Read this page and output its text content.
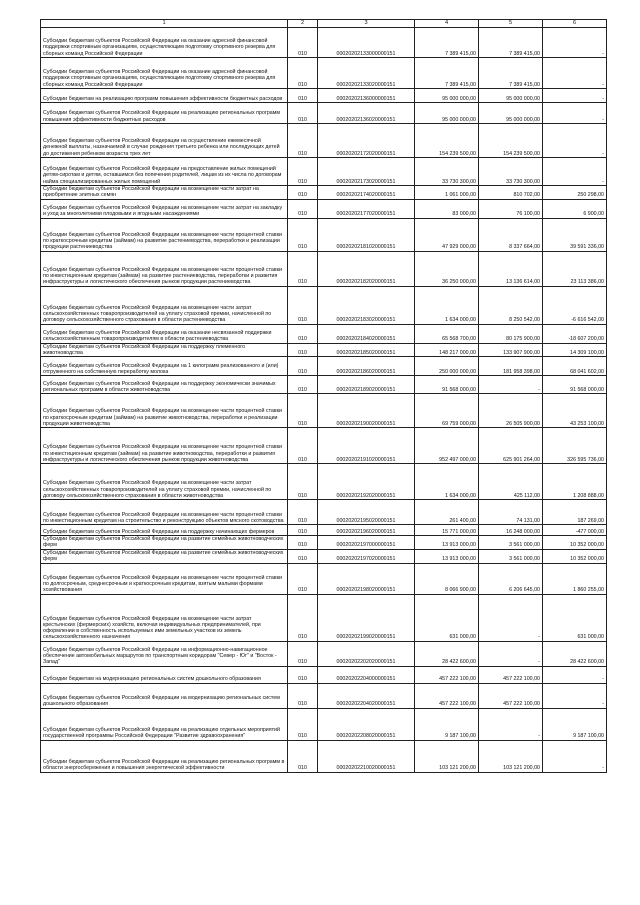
1	2	3	4	5	6
Субсидии бюджетам субъектов Российской Федерации на оказание адресной финансовой поддержки спортивным организациям, осуществляющим подготовку спортивного резерва для сборных команд Российской Федерации	010	00020202133000000151	7 389 415,00	7 389 415,00	-
Субсидии бюджетам субъектов Российской Федерации на оказание адресной финансовой поддержки спортивным организациям, осуществляющим подготовку спортивного резерва для сборных команд Российской Федерации	010	00020202133020000151	7 389 415,00	7 389 415,00	-
Субсидии бюджетам на реализацию программ повышения эффективности бюджетных расходов	010	00020202136000000151	95 000 000,00	95 000 000,00	-
Субсидии бюджетам субъектов Российской Федерации на реализацию региональных программ повышения эффективности бюджетных расходов	010	00020202136020000151	95 000 000,00	95 000 000,00	-
Субсидии бюджетам субъектов Российской Федерации на осуществление ежемесячной денежной выплаты, назначаемой в случае рождения третьего ребенка или последующих детей до достижения ребенком возраста трех лет	010	00020202172020000151	154 239 500,00	154 239 500,00	-
Субсидии бюджетам субъектов Российской Федерации на предоставление жилых помещений детям-сиротам и детям, оставшимся без попечения родителей, лицам из их числа по договорам найма специализированных жилых помещений	010	00020202173020000151	33 730 300,00	33 730 300,00	-
Субсидии бюджетам субъектов Российской Федерации на возмещение части затрат на приобретение элитных семян	010	00020202174020000151	1 061 000,00	810 702,00	250 298,00
Субсидии бюджетам субъектов Российской Федерации на возмещение части затрат на закладку и уход за многолетними плодовыми и ягодными насаждениями	010	00020202177020000151	83 000,00	76 100,00	6 900,00
Субсидии бюджетам субъектов Российской Федерации на возмещение части процентной ставки по краткосрочным кредитам (займам) на развитие растениеводства, переработки и реализации продукции растениеводства	010	00020202181020000151	47 929 000,00	8 337 664,00	39 591 336,00
Субсидии бюджетам субъектов Российской Федерации на возмещение части процентной ставки по инвестиционным кредитам (займам) на развитие растениеводства, переработки и развития инфраструктуры и логистического обеспечения рынков продукции растениеводства	010	00020202182020000151	36 250 000,00	13 136 614,00	23 113 386,00
Субсидии бюджетам субъектов Российской Федерации на возмещение части затрат сельскохозяйственных товаропроизводителей на уплату страховой премии, начисленной по договору сельскохозяйственного страхования в области растениеводства	010	00020202183020000151	1 634 000,00	8 250 542,00	-6 616 542,00
Субсидии бюджетам субъектов Российской Федерации на оказание несвязанной поддержки сельскохозяйственным товаропроизводителям в области растениеводства	010	00020202184020000151	65 568 700,00	80 175 900,00	-18 607 200,00
Субсидии бюджетам субъектов Российской Федерации на поддержку племенного животноводства	010	00020202185020000151	148 217 000,00	133 907 900,00	14 309 100,00
Субсидии бюджетам субъектов Российской Федерации на 1 килограмм реализованного и (или) отгруженного на собственную переработку молока	010	00020202186020000151	250 000 000,00	181 958 398,00	68 041 602,00
Субсидии бюджетам субъектов Российской Федерации на поддержку экономически значимых региональных программ в области животноводства	010	00020202189020000151	91 568 000,00	-	91 568 000,00
Субсидии бюджетам субъектов Российской Федерации на возмещение части процентной ставки по краткосрочным кредитам (займам) на развитие животноводства, переработки и реализации продукции животноводства	010	00020202190020000151	69 759 000,00	26 505 900,00	43 253 100,00
Субсидии бюджетам субъектов Российской Федерации на возмещение части процентной ставки по инвестиционным кредитам (займам) на развитие животноводства, переработки и развития инфраструктуры и логистического обеспечения рынков продукции животноводства	010	00020202191020000151	952 497 000,00	625 901 264,00	326 595 736,00
Субсидии бюджетам субъектов Российской Федерации на возмещение части затрат сельскохозяйственных товаропроизводителей на уплату страховой премии, начисленной по договору сельскохозяйственного страхования в области животноводства	010	00020202192020000151	1 634 000,00	425 112,00	1 208 888,00
Субсидии бюджетам субъектов Российской Федерации на возмещение части процентной ставки по инвестиционным кредитам на строительство и реконструкцию объектов мясного скотоводства	010	00020202195020000151	261 400,00	74 131,00	187 269,00
Субсидии бюджетам субъектов Российской Федерации на поддержку начинающих фермеров	010	00020202196020000151	15 771 000,00	16 248 000,00	-477 000,00
Субсидии бюджетам субъектов Российской Федерации на развитие семейных животноводческих ферм	010	00020202197000000151	13 913 000,00	3 561 000,00	10 352 000,00
Субсидии бюджетам субъектов Российской Федерации на развитие семейных животноводческих ферм	010	00020202197020000151	13 913 000,00	3 561 000,00	10 352 000,00
Субсидии бюджетам субъектов Российской Федерации на возмещение части процентной ставки по долгосрочным, среднесрочным и краткосрочным кредитам, взятым малыми формами хозяйствования	010	00020202198020000151	8 066 900,00	6 206 645,00	1 860 255,00
Субсидии бюджетам субъектов Российской Федерации на возмещение части затрат крестьянских (фермерских) хозяйств, включая индивидуальных предпринимателей, при оформлении в собственность используемых ими земельных участков из земель сельскохозяйственного назначения	010	00020202199020000151	631 000,00	-	631 000,00
Субсидии бюджетам субъектов Российской Федерации на информационно-навигационное обеспечение автомобильных маршрутов по транспортным коридорам "Север - Юг" и "Восток - Запад"	010	00020202202020000151	28 422 600,00	-	28 422 600,00
Субсидии бюджетам на модернизацию региональных систем дошкольного образования	010	00020202204000000151	457 222 100,00	457 222 100,00	-
Субсидии бюджетам субъектов Российской Федерации на модернизацию региональных систем дошкольного образования	010	00020202204020000151	457 222 100,00	457 222 100,00	-
Субсидии бюджетам субъектов Российской Федерации на реализацию отдельных мероприятий государственной программы Российской Федерации "Развитие здравоохранения"	010	00020202208020000151	9 187 100,00	-	9 187 100,00
Субсидии бюджетам субъектов Российской Федерации на реализацию региональных программ в области энергосбережения и повышения энергетической эффективности	010	00020202210020000151	103 121 200,00	103 121 200,00	-
